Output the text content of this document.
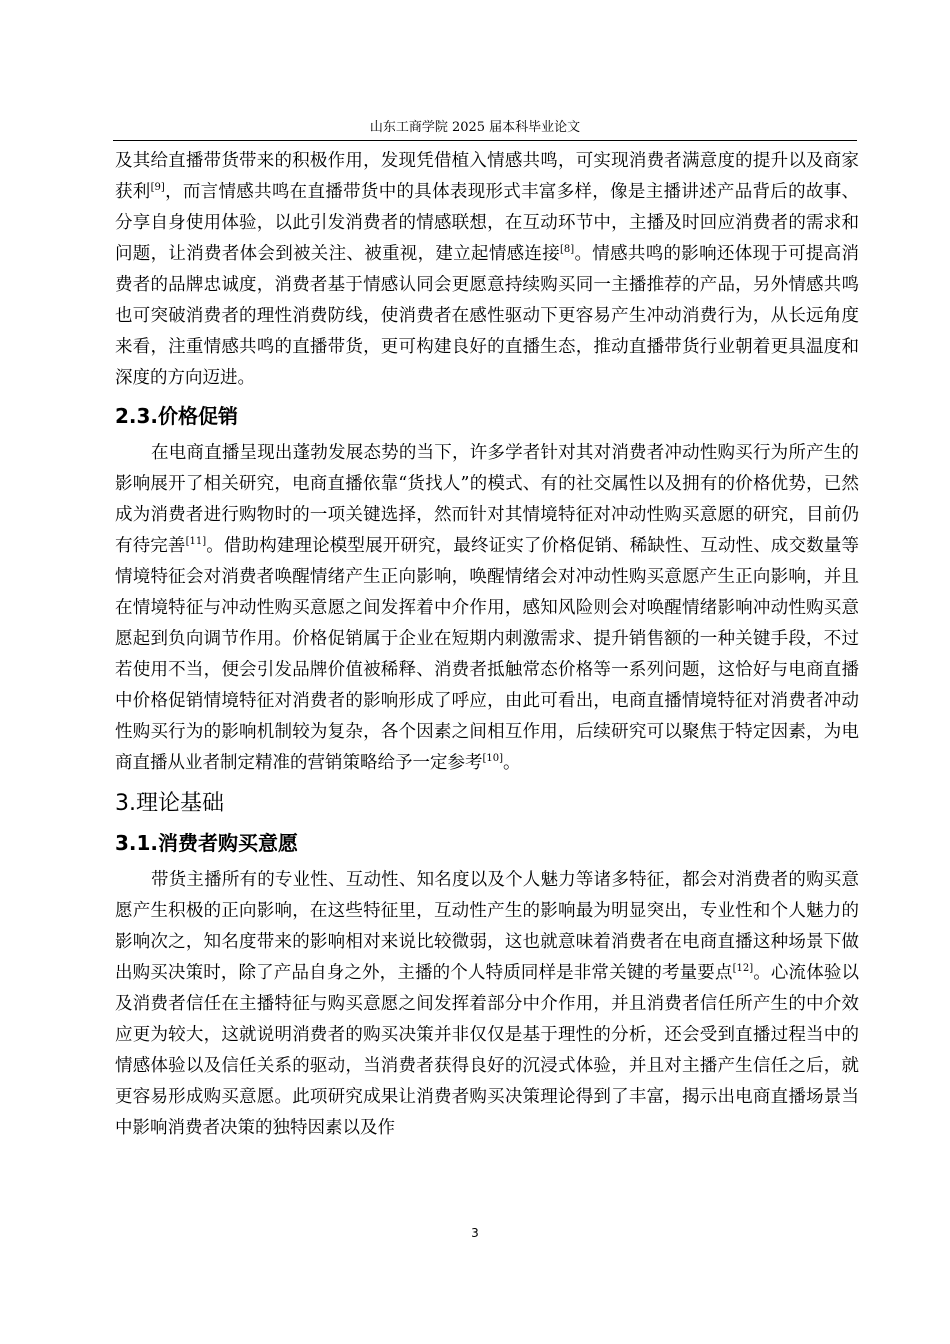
山东工商学院 2025 届本科毕业论文

及其给直播带货带来的积极作用，发现凭借植入情感共鸣，可实现消费者满意度的提升以及商家获利[9]，而言情感共鸣在直播带货中的具体表现形式丰富多样，像是主播讲述产品背后的故事、分享自身使用体验，以此引发消费者的情感联想，在互动环节中，主播及时回应消费者的需求和问题，让消费者体会到被关注、被重视，建立起情感连接[8]。情感共鸣的影响还体现于可提高消费者的品牌忠诚度，消费者基于情感认同会更愿意持续购买同一主播推荐的产品，另外情感共鸣也可突破消费者的理性消费防线，使消费者在感性驱动下更容易产生冲动消费行为，从长远角度来看，注重情感共鸣的直播带货，更可构建良好的直播生态，推动直播带货行业朝着更具温度和深度的方向迈进。

2.3.价格促销

在电商直播呈现出蓬勃发展态势的当下，许多学者针对其对消费者冲动性购买行为所产生的影响展开了相关研究，电商直播依靠“货找人”的模式、有的社交属性以及拥有的价格优势，已然成为消费者进行购物时的一项关键选择，然而针对其情境特征对冲动性购买意愿的研究，目前仍有待完善[11]。借助构建理论模型展开研究，最终证实了价格促销、稀缺性、互动性、成交数量等情境特征会对消费者唤醒情绪产生正向影响，唤醒情绪会对冲动性购买意愿产生正向影响，并且在情境特征与冲动性购买意愿之间发挥着中介作用，感知风险则会对唤醒情绪影响冲动性购买意愿起到负向调节作用。价格促销属于企业在短期内刺激需求、提升销售额的一种关键手段，不过若使用不当，便会引发品牌价值被稀释、消费者抵触常态价格等一系列问题，这恰好与电商直播中价格促销情境特征对消费者的影响形成了呼应，由此可看出，电商直播情境特征对消费者冲动性购买行为的影响机制较为复杂，各个因素之间相互作用，后续研究可以聚焦于特定因素，为电商直播从业者制定精准的营销策略给予一定参考[10]。

3.理论基础
3.1.消费者购买意愿

带货主播所有的专业性、互动性、知名度以及个人魅力等诸多特征，都会对消费者的购买意愿产生积极的正向影响，在这些特征里，互动性产生的影响最为明显突出，专业性和个人魅力的影响次之，知名度带来的影响相对来说比较微弱，这也就意味着消费者在电商直播这种场景下做出购买决策时，除了产品自身之外，主播的个人特质同样是非常关键的考量要点[12]。心流体验以及消费者信任在主播特征与购买意愿之间发挥着部分中介作用，并且消费者信任所产生的中介效应更为较大，这就说明消费者的购买决策并非仅仅是基于理性的分析，还会受到直播过程当中的情感体验以及信任关系的驱动，当消费者获得良好的沉浸式体验，并且对主播产生信任之后，就更容易形成购买意愿。此项研究成果让消费者购买决策理论得到了丰富，揭示出电商直播场景当中影响消费者决策的独特因素以及作

3
